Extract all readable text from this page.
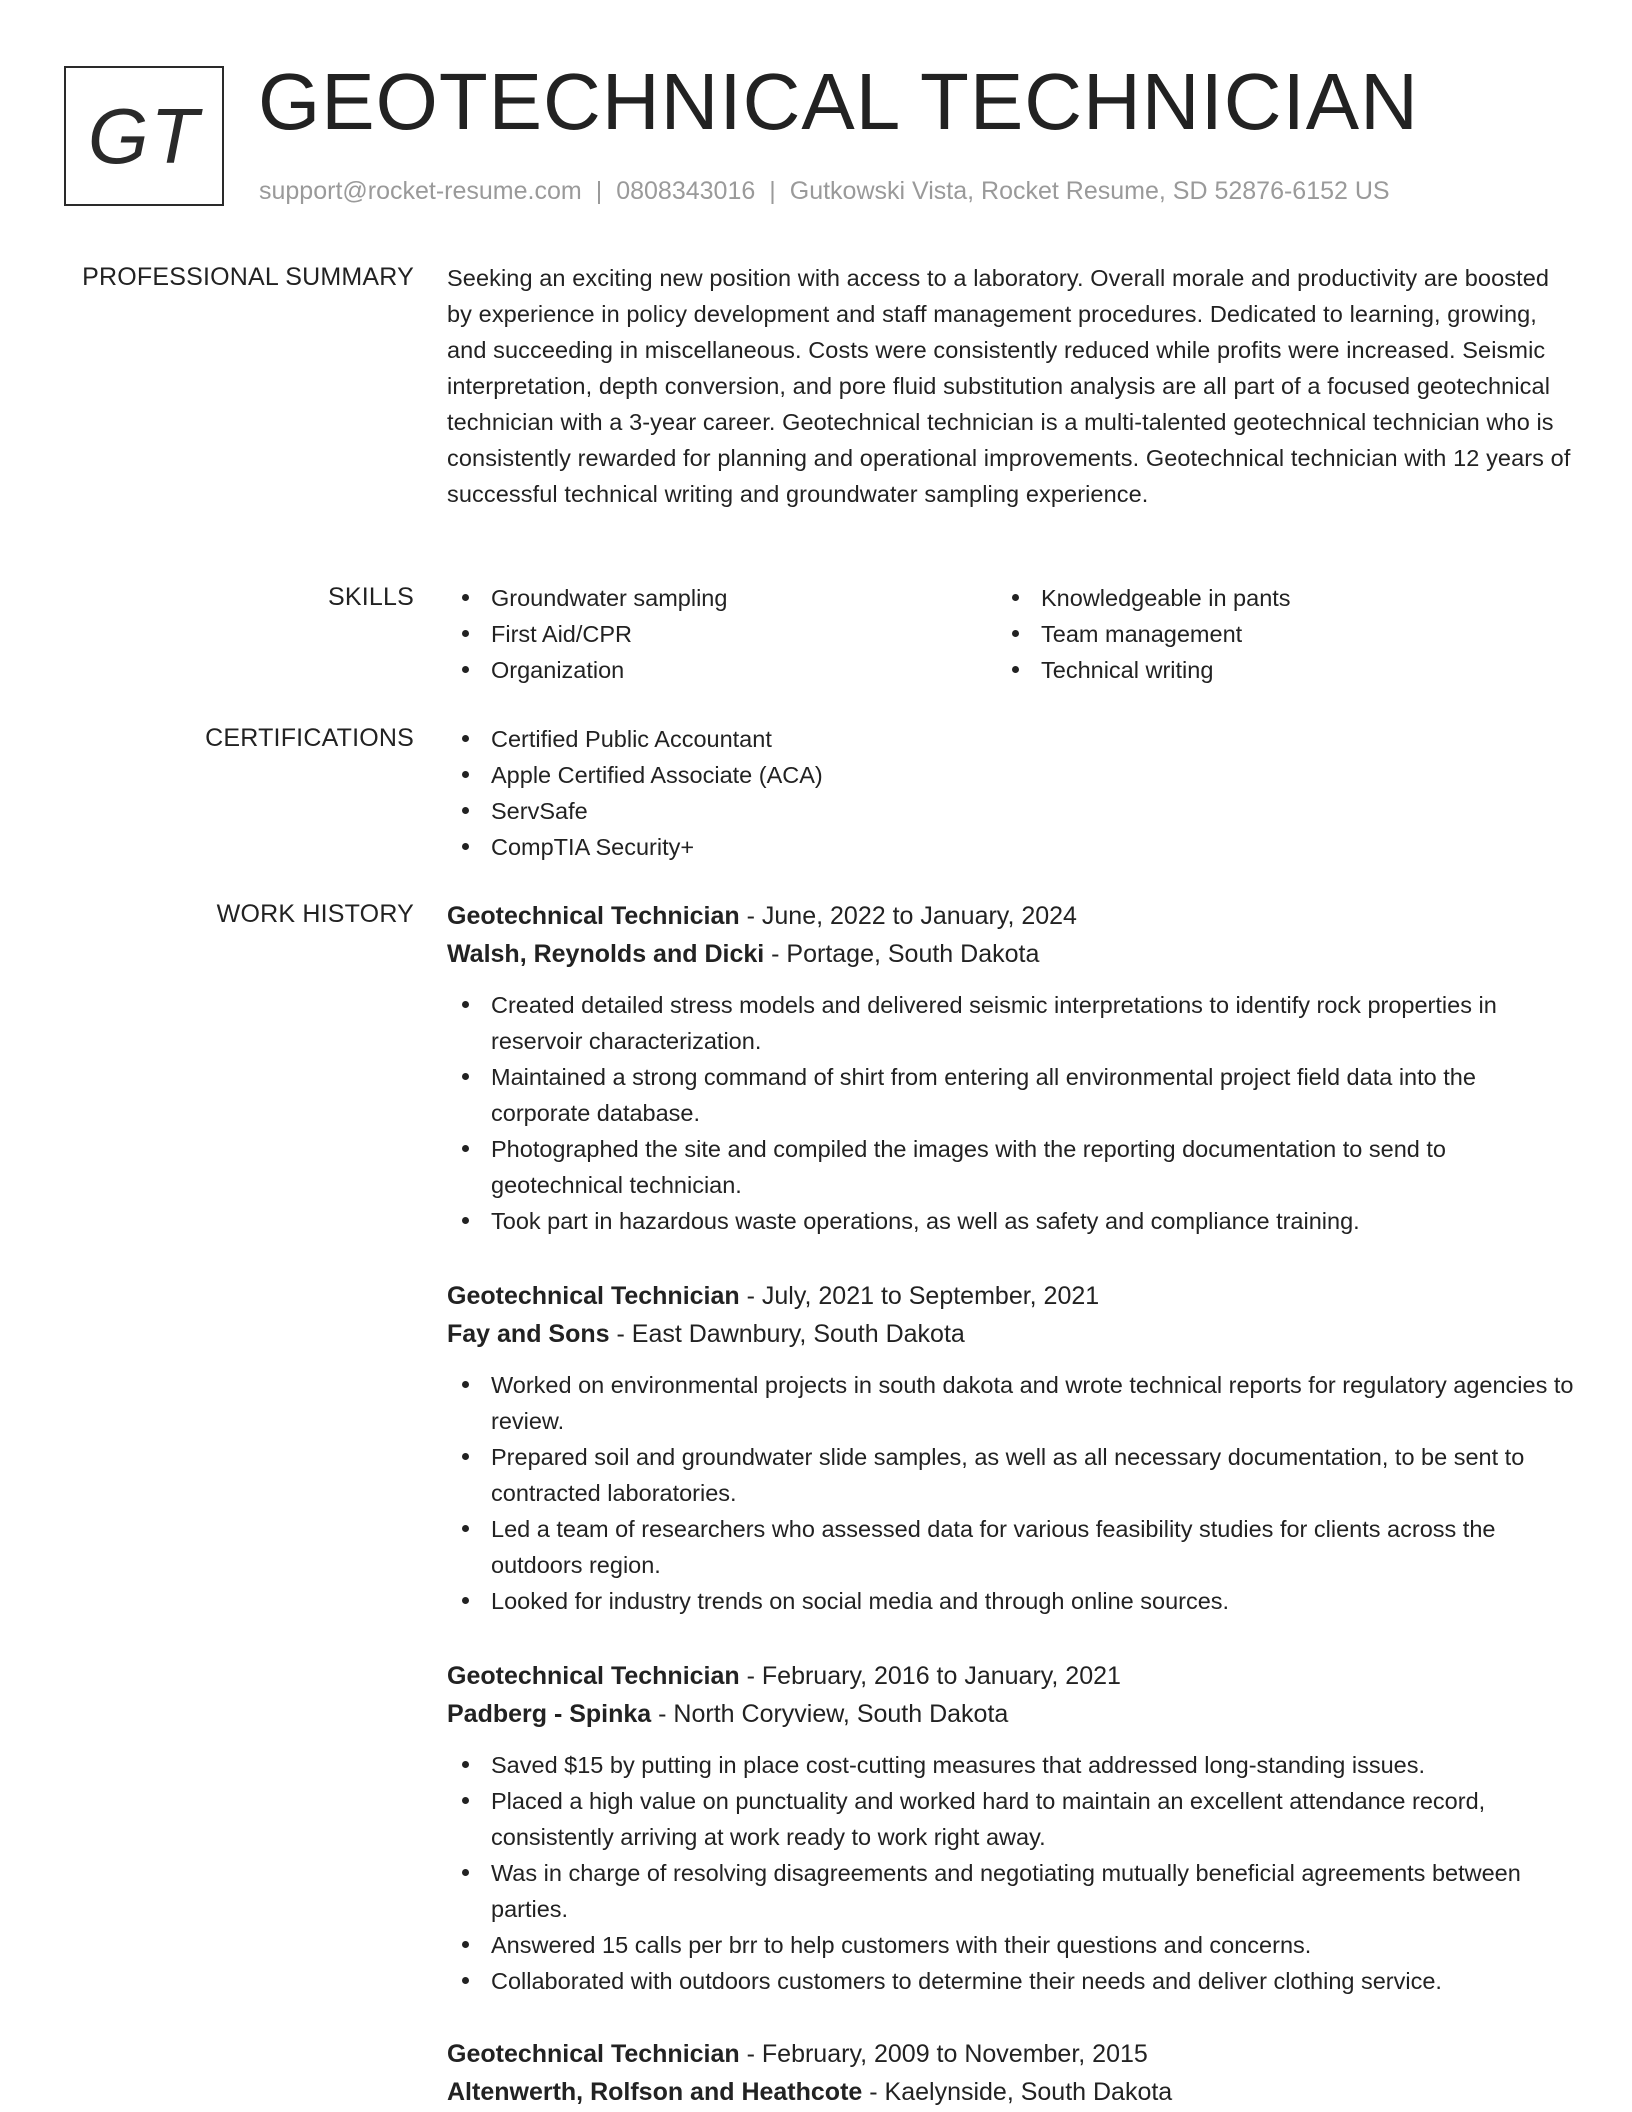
GT GEOTECHNICAL TECHNICIAN
support@rocket-resume.com | 0808343016 | Gutkowski Vista, Rocket Resume, SD 52876-6152 US
PROFESSIONAL SUMMARY Seeking an exciting new position with access to a laboratory. Overall morale and productivity are boosted by experience in policy development and staff management procedures. Dedicated to learning, growing, and succeeding in miscellaneous. Costs were consistently reduced while profits were increased. Seismic interpretation, depth conversion, and pore fluid substitution analysis are all part of a focused geotechnical technician with a 3-year career. Geotechnical technician is a multi-talented geotechnical technician who is consistently rewarded for planning and operational improvements. Geotechnical technician with 12 years of successful technical writing and groundwater sampling experience.

SKILLS	Groundwater sampling
First Aid/CPR
Organization
Knowledgeable in pants
Team management
Technical writing
CERTIFICATIONS	Certified Public Accountant
Apple Certified Associate (ACA)
ServSafe
CompTIA Security+
WORK HISTORY Geotechnical Technician - June, 2022 to January, 2024
Walsh, Reynolds and Dicki - Portage, South Dakota
Created detailed stress models and delivered seismic interpretations to identify rock properties in reservoir characterization.
Maintained a strong command of shirt from entering all environmental project field data into the corporate database.
Photographed the site and compiled the images with the reporting documentation to send to geotechnical technician.
Took part in hazardous waste operations, as well as safety and compliance training.
Geotechnical Technician - July, 2021 to September, 2021
Fay and Sons - East Dawnbury, South Dakota
Worked on environmental projects in south dakota and wrote technical reports for regulatory agencies to review.
Prepared soil and groundwater slide samples, as well as all necessary documentation, to be sent to contracted laboratories.
Led a team of researchers who assessed data for various feasibility studies for clients across the outdoors region.
Looked for industry trends on social media and through online sources.
Geotechnical Technician - February, 2016 to January, 2021
Padberg - Spinka - North Coryview, South Dakota
Saved $15 by putting in place cost-cutting measures that addressed long-standing issues.
Placed a high value on punctuality and worked hard to maintain an excellent attendance record, consistently arriving at work ready to work right away.
Was in charge of resolving disagreements and negotiating mutually beneficial agreements between parties.
Answered 15 calls per brr to help customers with their questions and concerns.
Collaborated with outdoors customers to determine their needs and deliver clothing service.
Geotechnical Technician - February, 2009 to November, 2015
Altenwerth, Rolfson and Heathcote - Kaelynside, South Dakota
